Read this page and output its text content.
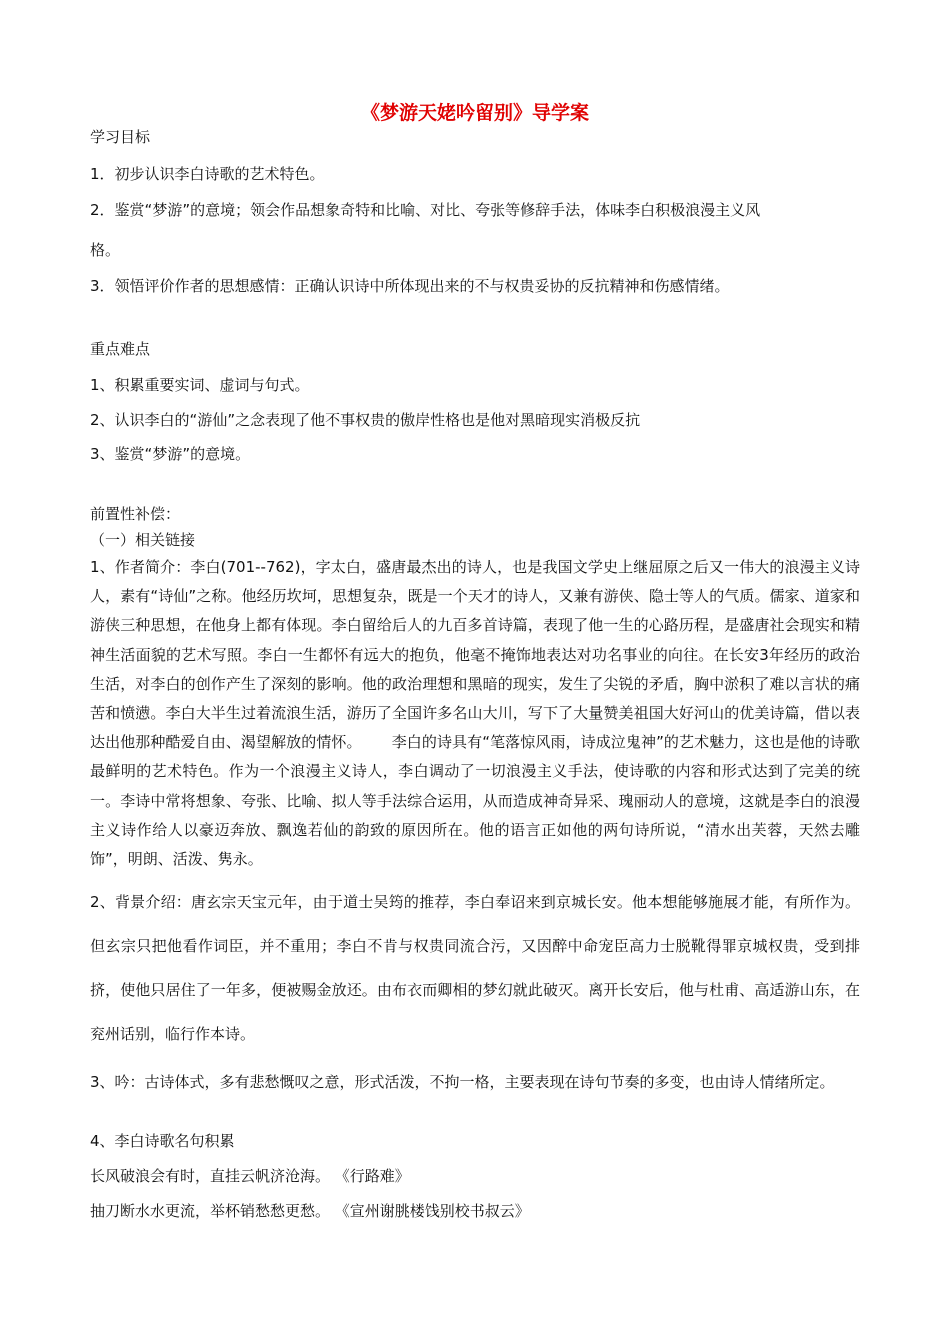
《梦游天姥吟留别》导学案
学习目标
1．初步认识李白诗歌的艺术特色。
2．鉴赏“梦游”的意境；领会作品想象奇特和比喻、对比、夸张等修辞手法，体味李白积极浪漫主义风
格。
3．领悟评价作者的思想感情：正确认识诗中所体现出来的不与权贵妥协的反抗精神和伤感情绪。
重点难点
1、积累重要实词、虚词与句式。
2、认识李白的“游仙”之念表现了他不事权贵的傲岸性格也是他对黑暗现实消极反抗
3、鉴赏“梦游”的意境。
前置性补偿：
（一）相关链接
1、作者简介：李白(701--762)，字太白，盛唐最杰出的诗人，也是我国文学史上继屈原之后又一伟大的浪漫主义诗人，素有“诗仙”之称。他经历坎坷，思想复杂，既是一个天才的诗人，又兼有游侠、隐士等人的气质。儒家、道家和游侠三种思想，在他身上都有体现。李白留给后人的九百多首诗篇，表现了他一生的心路历程，是盛唐社会现实和精神生活面貌的艺术写照。李白一生都怀有远大的抱负，他毫不掩饰地表达对功名事业的向往。在长安3年经历的政治生活，对李白的创作产生了深刻的影响。他的政治理想和黑暗的现实，发生了尖锐的矛盾，胸中淤积了难以言状的痛苦和愤懑。李白大半生过着流浪生活，游历了全国许多名山大川，写下了大量赞美祖国大好河山的优美诗篇，借以表达出他那种酷爱自由、渴望解放的情怀。 李白的诗具有“笔落惊风雨，诗成泣鬼神”的艺术魅力，这也是他的诗歌最鲜明的艺术特色。作为一个浪漫主义诗人，李白调动了一切浪漫主义手法，使诗歌的内容和形式达到了完美的统一。李诗中常将想象、夸张、比喻、拟人等手法综合运用，从而造成神奇异采、瑰丽动人的意境，这就是李白的浪漫主义诗作给人以豪迈奔放、飘逸若仙的韵致的原因所在。他的语言正如他的两句诗所说，“清水出芙蓉，天然去雕饰”，明朗、活泼、隽永。
2、背景介绍：唐玄宗天宝元年，由于道士吴筠的推荐，李白奉诏来到京城长安。他本想能够施展才能，有所作为。但玄宗只把他看作词臣，并不重用；李白不肯与权贵同流合污，又因醉中命宠臣高力士脱靴得罪京城权贵，受到排挤，使他只居住了一年多，便被赐金放还。由布衣而卿相的梦幻就此破灭。离开长安后，他与杜甫、高适游山东，在兖州话别，临行作本诗。
3、吟：古诗体式，多有悲愁慨叹之意，形式活泼，不拘一格，主要表现在诗句节奏的多变，也由诗人情绪所定。
4、李白诗歌名句积累
长风破浪会有时，直挂云帆济沧海。 《行路难》
抽刀断水水更流，举杯销愁愁更愁。 《宣州谢朓楼饯别校书叔云》
